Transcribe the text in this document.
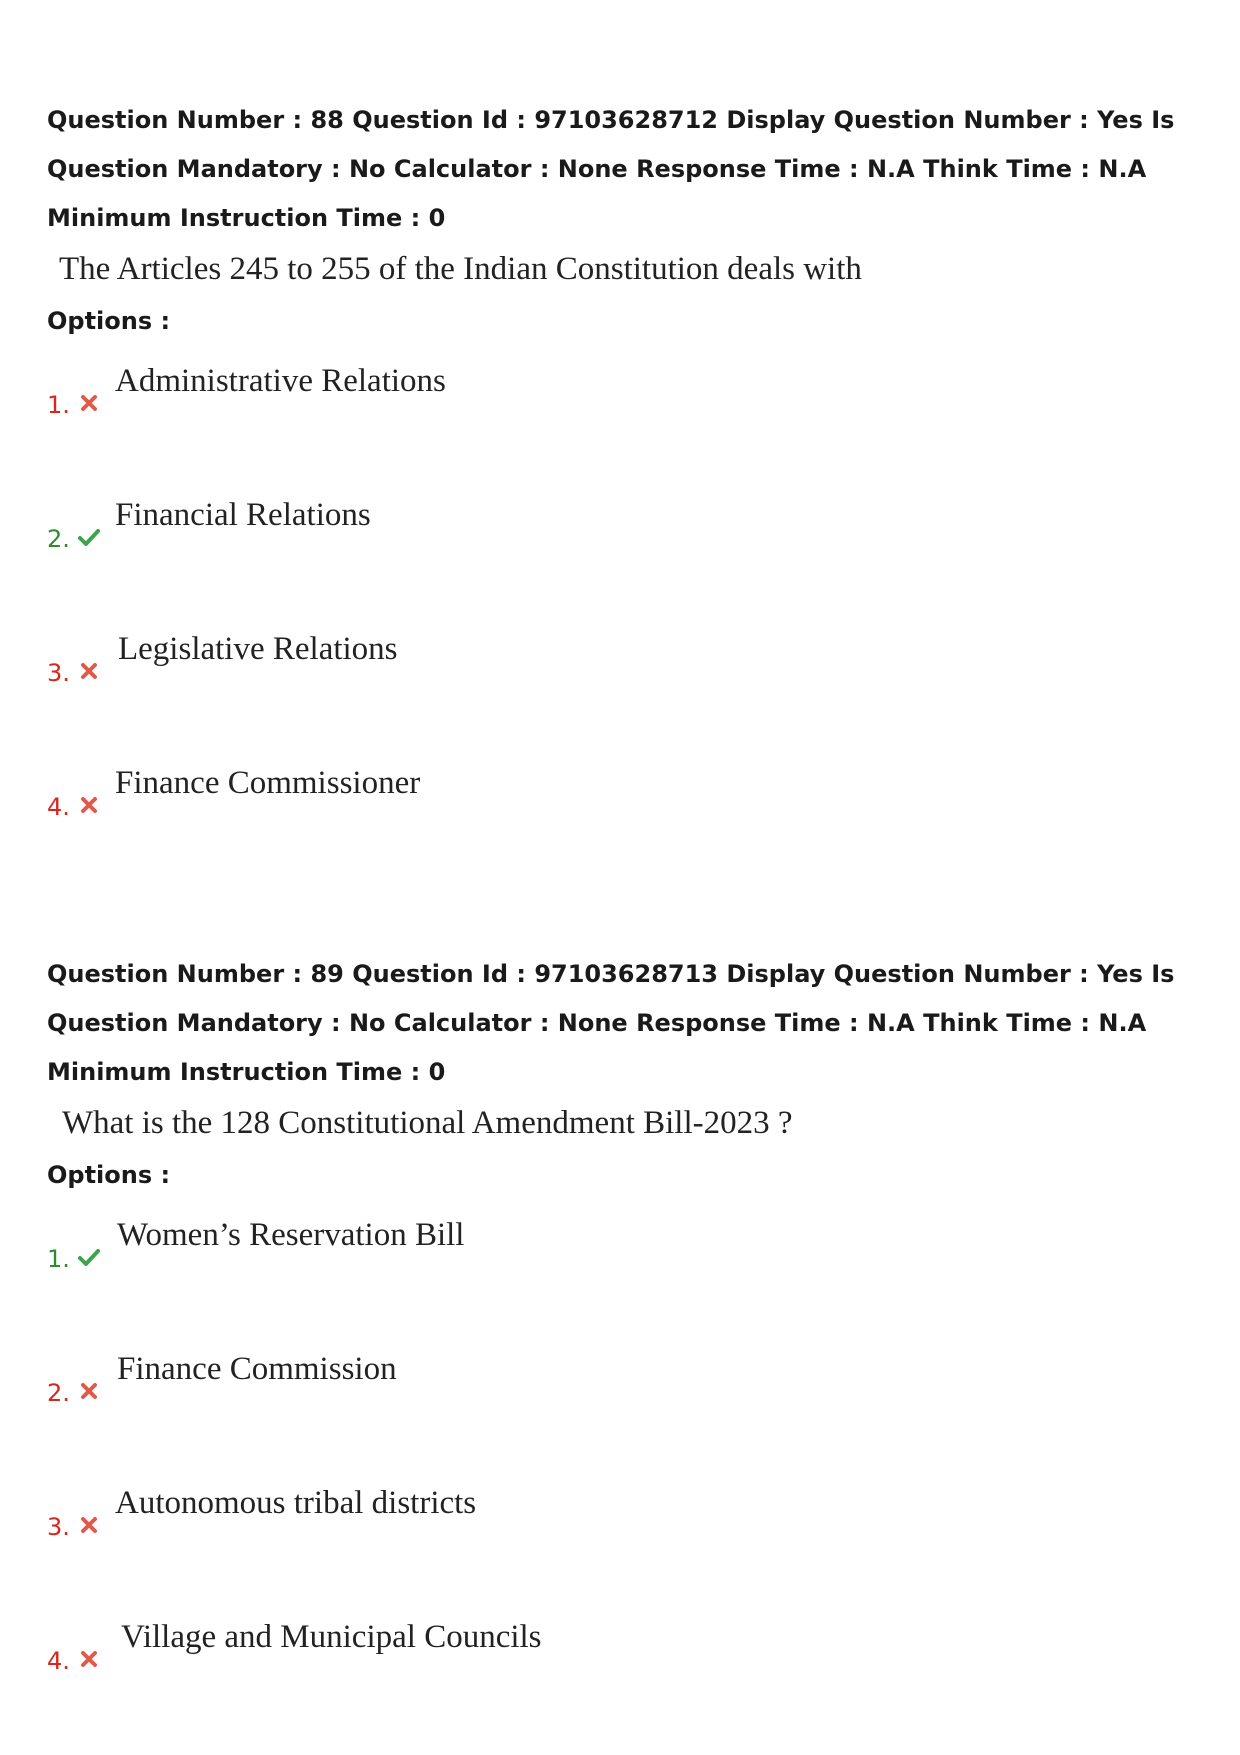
Question Number : 88 Question Id : 97103628712 Display Question Number : Yes Is Question Mandatory : No Calculator : None Response Time : N.A Think Time : N.A Minimum Instruction Time : 0

The Articles 245 to 255 of the Indian Constitution deals with
Options :
1.
Administrative Relations
2.
Financial Relations
3.
Legislative Relations
4.
Finance Commissioner

Question Number : 89 Question Id : 97103628713 Display Question Number : Yes Is Question Mandatory : No Calculator : None Response Time : N.A Think Time : N.A Minimum Instruction Time : 0

What is the 128 Constitutional Amendment Bill-2023 ?
Options :
1.
Women’s Reservation Bill
2.
Finance Commission
3.
Autonomous tribal districts
4.
Village and Municipal Councils
